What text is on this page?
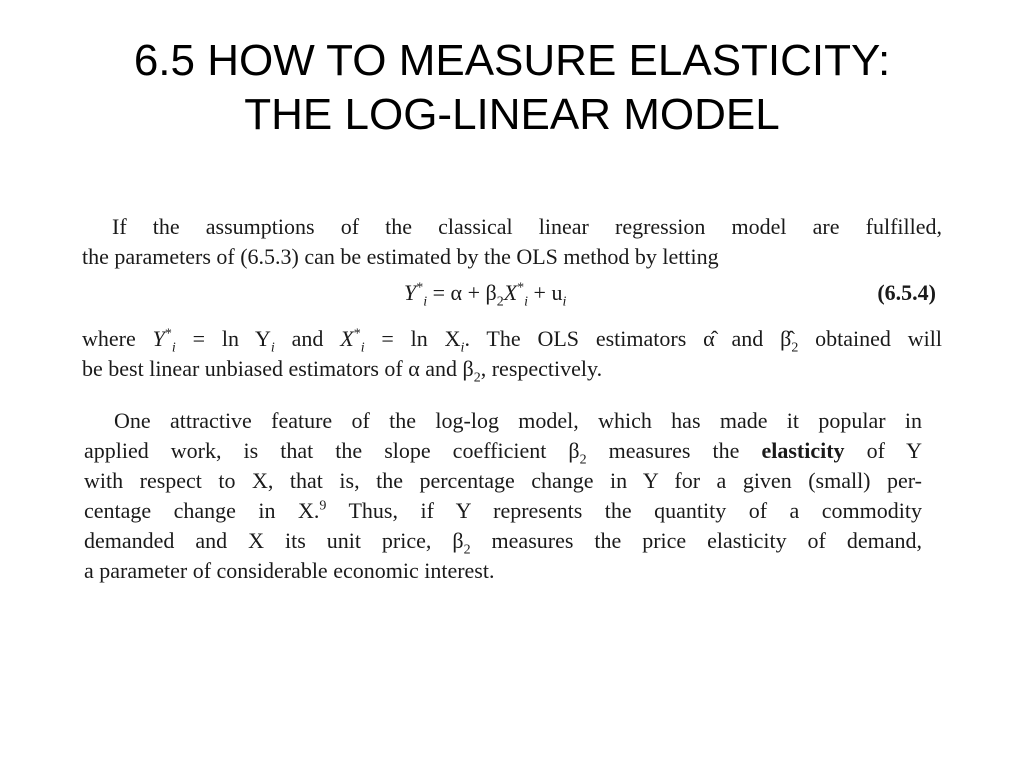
6.5 HOW TO MEASURE ELASTICITY:
THE LOG-LINEAR MODEL

If the assumptions of the classical linear regression model are fulfilled,
the parameters of (6.5.3) can be estimated by the OLS method by letting

$Y^*_i = \alpha + \beta_2X^*_i + u_i$	(6.5.4)

where $Y^*_i = \ln Y_i$ and $X^*_i = \ln X_i$. The OLS estimators α̂ and $\betâ_2$ obtained will
be best linear unbiased estimators of α and $\beta_2$, respectively.

One attractive feature of the log-log model, which has made it popular in
applied work, is that the slope coefficient $\beta_2$ measures the elasticity of Y
with respect to X, that is, the percentage change in Y for a given (small) per-
centage change in X.$^9$ Thus, if Y represents the quantity of a commodity
demanded and X its unit price, $\beta_2$ measures the price elasticity of demand,
a parameter of considerable economic interest.
